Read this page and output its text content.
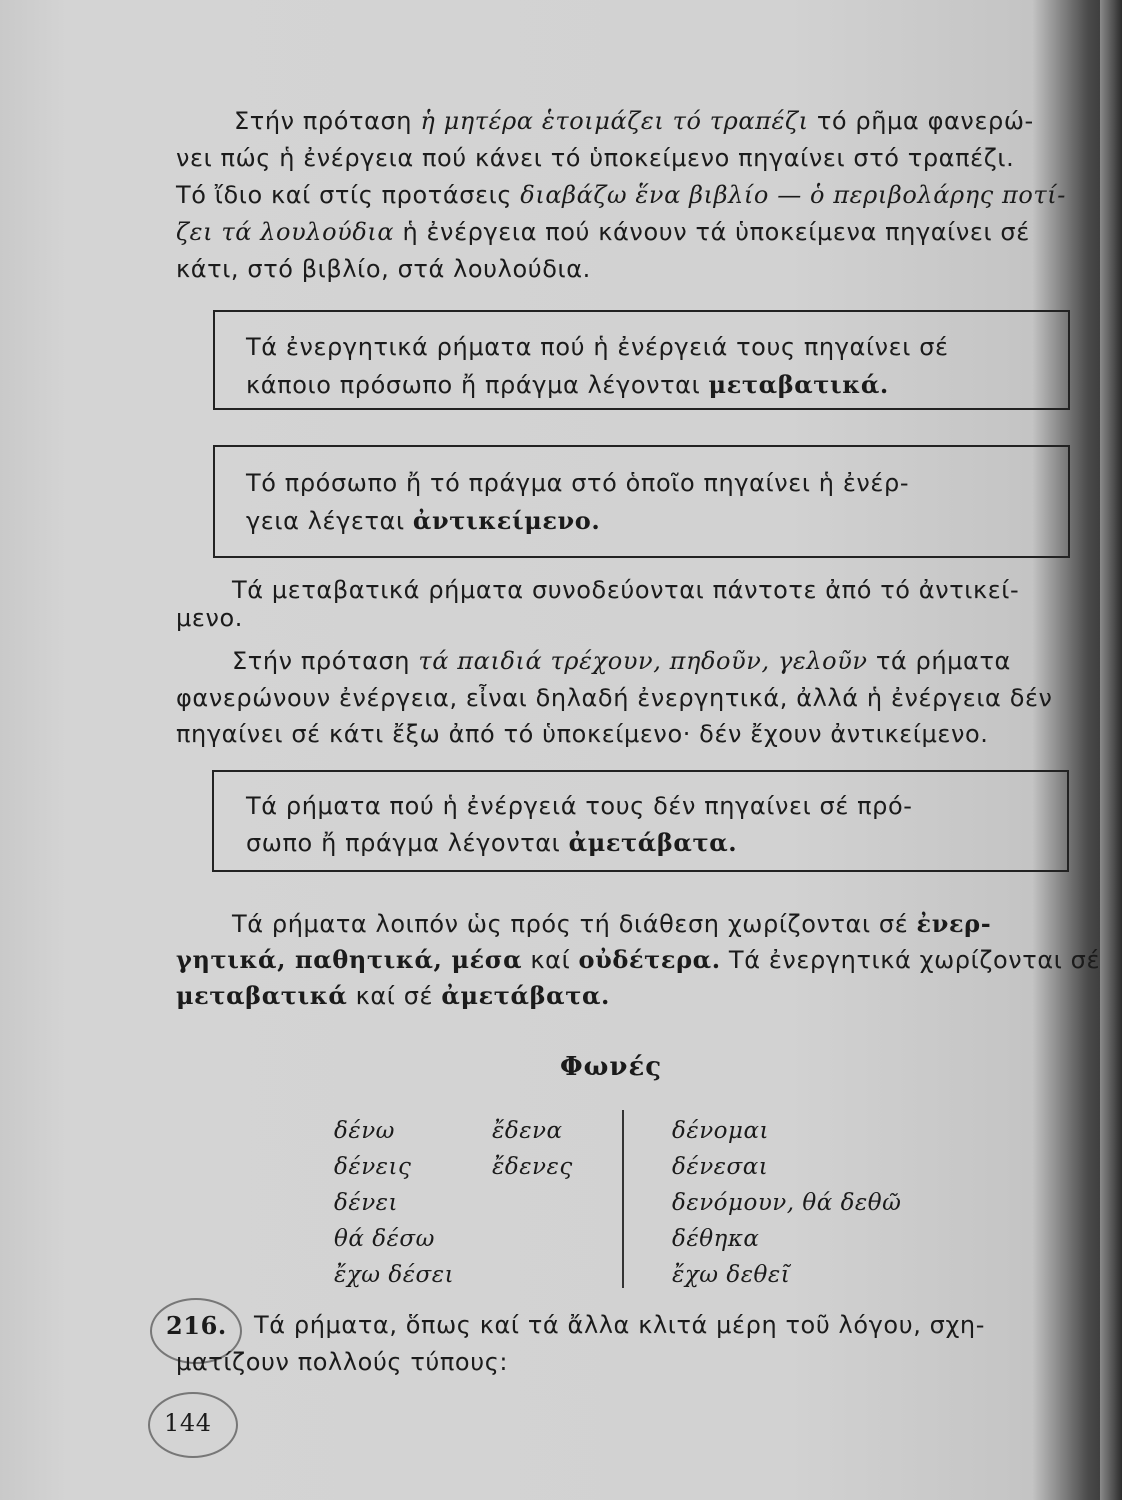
Στήν πρόταση ἡ μητέρα ἑτοιμάζει τό τραπέζι τό ρῆμα φανερώ-
νει πώς ἡ ἐνέργεια πού κάνει τό ὑποκείμενο πηγαίνει στό τραπέζι.
Τό ἴδιο καί στίς προτάσεις διαβάζω ἕνα βιβλίο — ὁ περιβολάρης ποτί-
ζει τά λουλούδια ἡ ἐνέργεια πού κάνουν τά ὑποκείμενα πηγαίνει σέ
κάτι, στό βιβλίο, στά λουλούδια.
Τά ἐνεργητικά ρήματα πού ἡ ἐνέργειά τους πηγαίνει σέ
κάποιο πρόσωπο ἤ πράγμα λέγονται μεταβατικά.
Τό πρόσωπο ἤ τό πράγμα στό ὁποῖο πηγαίνει ἡ ἐνέρ-
γεια λέγεται ἀντικείμενο.
Τά μεταβατικά ρήματα συνοδεύονται πάντοτε ἀπό τό ἀντικεί-
μενο.
Στήν πρόταση τά παιδιά τρέχουν, πηδοῦν, γελοῦν τά ρήματα
φανερώνουν ἐνέργεια, εἶναι δηλαδή ἐνεργητικά, ἀλλά ἡ ἐνέργεια δέν
πηγαίνει σέ κάτι ἔξω ἀπό τό ὑποκείμενο· δέν ἔχουν ἀντικείμενο.
Τά ρήματα πού ἡ ἐνέργειά τους δέν πηγαίνει σέ πρό-
σωπο ἤ πράγμα λέγονται ἀμετάβατα.
Τά ρήματα λοιπόν ὡς πρός τή διάθεση χωρίζονται σέ ἐνερ-
γητικά, παθητικά, μέσα καί οὐδέτερα. Τά ἐνεργητικά χωρίζονται σέ
μεταβατικά καί σέ ἀμετάβατα.
Φωνές
δένω
δένεις
δένει
θά δέσω
ἔχω δέσει
ἔδενα
ἔδενες
δένομαι
δένεσαι
δενόμουν, θά δεθῶ
δέθηκα
ἔχω δεθεῖ
216. Τά ρήματα, ὅπως καί τά ἄλλα κλιτά μέρη τοῦ λόγου, σχη-
ματίζουν πολλούς τύπους:
144
